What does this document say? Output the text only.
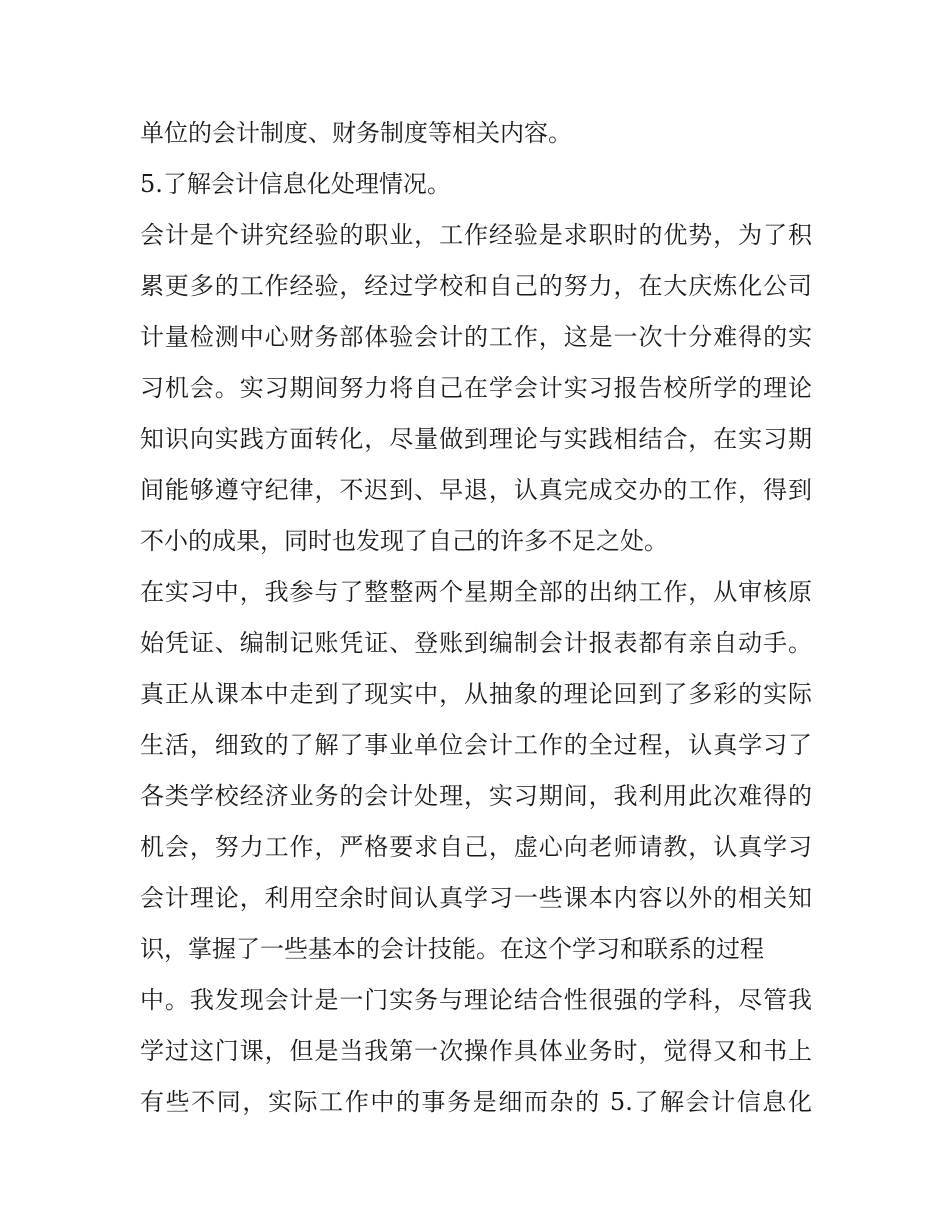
单位的会计制度、财务制度等相关内容。
5.了解会计信息化处理情况。
会计是个讲究经验的职业，工作经验是求职时的优势，为了积
累更多的工作经验，经过学校和自己的努力，在大庆炼化公司
计量检测中心财务部体验会计的工作，这是一次十分难得的实
习机会。实习期间努力将自己在学会计实习报告校所学的理论
知识向实践方面转化，尽量做到理论与实践相结合，在实习期
间能够遵守纪律，不迟到、早退，认真完成交办的工作，得到
不小的成果，同时也发现了自己的许多不足之处。
在实习中，我参与了整整两个星期全部的出纳工作，从审核原
始凭证、编制记账凭证、登账到编制会计报表都有亲自动手。
真正从课本中走到了现实中，从抽象的理论回到了多彩的实际
生活，细致的了解了事业单位会计工作的全过程，认真学习了
各类学校经济业务的会计处理，实习期间，我利用此次难得的
机会，努力工作，严格要求自己，虚心向老师请教，认真学习
会计理论，利用空余时间认真学习一些课本内容以外的相关知
识，掌握了一些基本的会计技能。在这个学习和联系的过程
中。我发现会计是一门实务与理论结合性很强的学科，尽管我
学过这门课，但是当我第一次操作具体业务时，觉得又和书上
有些不同，实际工作中的事务是细而杂的 5.了解会计信息化
